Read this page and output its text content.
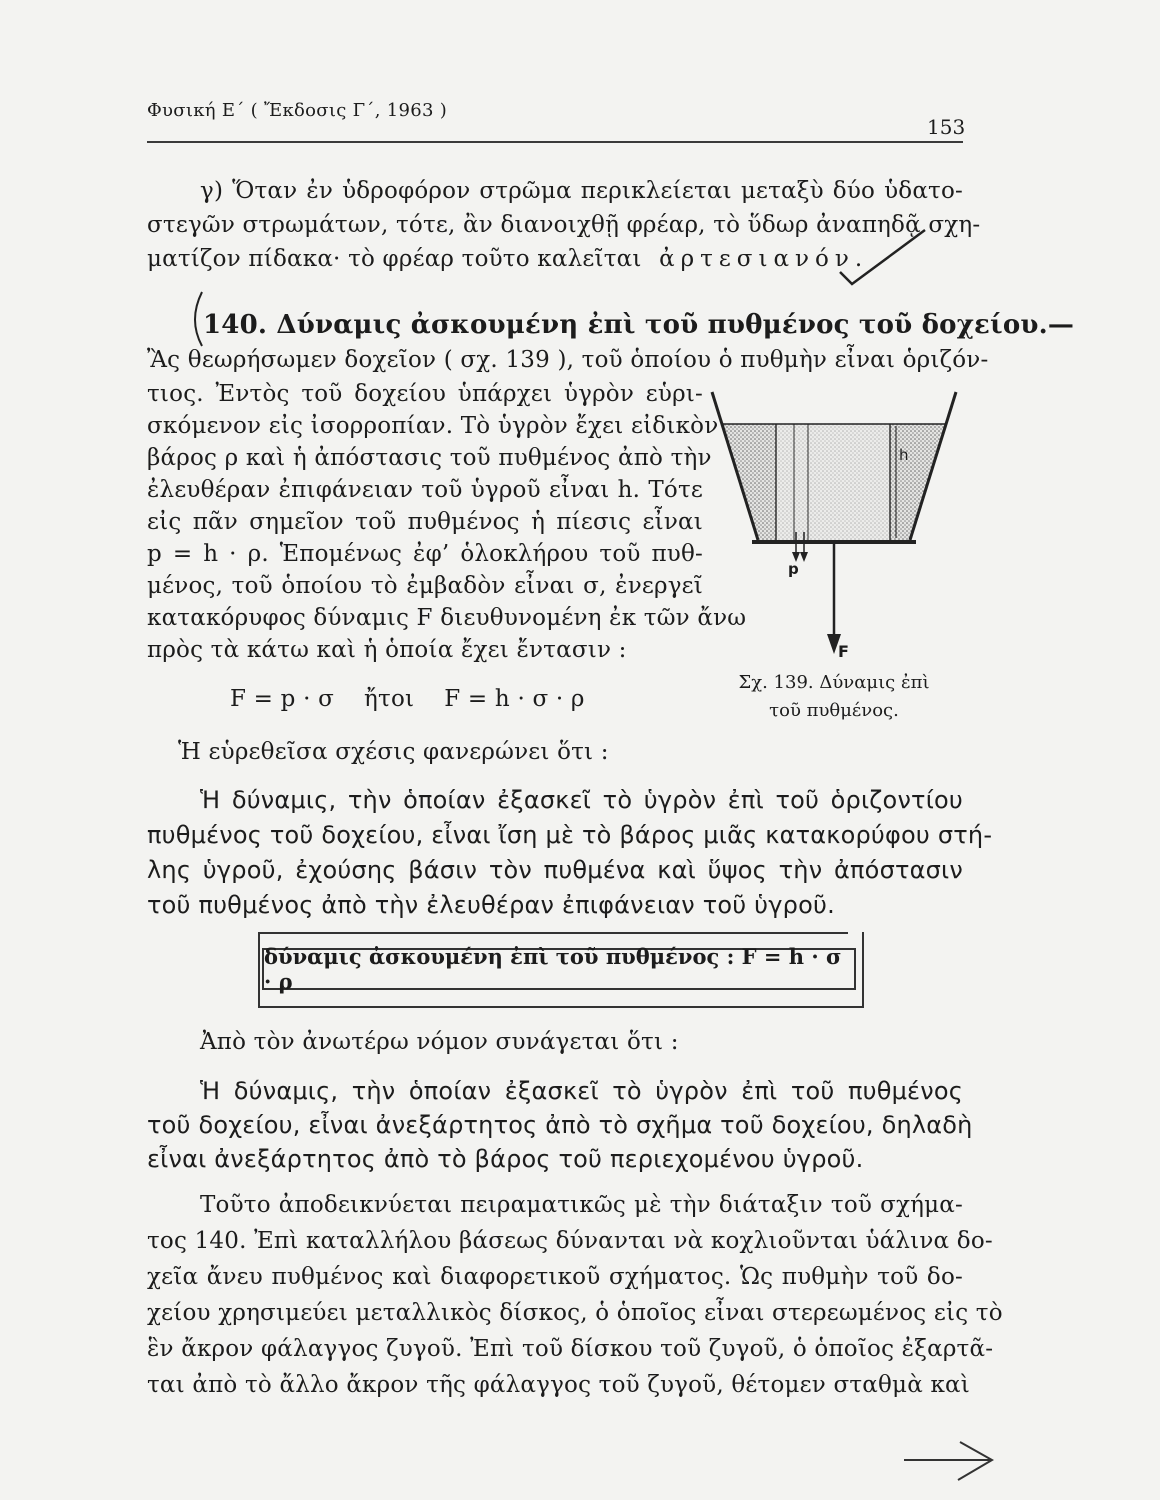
Φυσική Ε΄ ( Ἔκδοσις Γ΄, 1963 )
153
γ) Ὅταν ἐν ὑδροφόρον στρῶμα περικλείεται μεταξὺ δύο ὑδατο-
στεγῶν στρωμάτων, τότε, ἂν διανοιχθῇ φρέαρ, τὸ ὕδωρ ἀναπηδᾷ σχη-
ματίζον πίδακα· τὸ φρέαρ τοῦτο καλεῖται ἀρτεσιανόν.
140. Δύναμις ἀσκουμένη ἐπὶ τοῦ πυθμένος τοῦ δοχείου.—
Ἂς θεωρήσωμεν δοχεῖον ( σχ. 139 ), τοῦ ὁποίου ὁ πυθμὴν εἶναι ὁριζόν-
τιος. Ἐντὸς τοῦ δοχείου ὑπάρχει ὑγρὸν εὑρι-
σκόμενον εἰς ἰσορροπίαν. Τὸ ὑγρὸν ἔχει εἰδικὸν
βάρος ρ καὶ ἡ ἀπόστασις τοῦ πυθμένος ἀπὸ τὴν
ἐλευθέραν ἐπιφάνειαν τοῦ ὑγροῦ εἶναι h. Τότε
εἰς πᾶν σημεῖον τοῦ πυθμένος ἡ πίεσις εἶναι
p = h · ρ. Ἑπομένως ἐφ’ ὁλοκλήρου τοῦ πυθ-
μένος, τοῦ ὁποίου τὸ ἐμβαδὸν εἶναι σ, ἐνεργεῖ
κατακόρυφος δύναμις F διευθυνομένη ἐκ τῶν ἄνω
πρὸς τὰ κάτω καὶ ἡ ὁποία ἔχει ἔντασιν :
F = p · σ    ἤτοι    F = h · σ · ρ
h
p
F
Σχ. 139. Δύναμις ἐπὶ
τοῦ πυθμένος.
Ἡ εὑρεθεῖσα σχέσις φανερώνει ὅτι :
Ἡ δύναμις, τὴν ὁποίαν ἐξασκεῖ τὸ ὑγρὸν ἐπὶ τοῦ ὁριζοντίου
πυθμένος τοῦ δοχείου, εἶναι ἴση μὲ τὸ βάρος μιᾶς κατακορύφου στή-
λης ὑγροῦ, ἐχούσης βάσιν τὸν πυθμένα καὶ ὕψος τὴν ἀπόστασιν
τοῦ πυθμένος ἀπὸ τὴν ἐλευθέραν ἐπιφάνειαν τοῦ ὑγροῦ.
δύναμις ἀσκουμένη ἐπὶ τοῦ πυθμένος : F = h · σ · ρ
Ἀπὸ τὸν ἀνωτέρω νόμον συνάγεται ὅτι :
Ἡ δύναμις, τὴν ὁποίαν ἐξασκεῖ τὸ ὑγρὸν ἐπὶ τοῦ πυθμένος
τοῦ δοχείου, εἶναι ἀνεξάρτητος ἀπὸ τὸ σχῆμα τοῦ δοχείου, δηλαδὴ
εἶναι ἀνεξάρτητος ἀπὸ τὸ βάρος τοῦ περιεχομένου ὑγροῦ.
Τοῦτο ἀποδεικνύεται πειραματικῶς μὲ τὴν διάταξιν τοῦ σχήμα-
τος 140. Ἐπὶ καταλλήλου βάσεως δύνανται νὰ κοχλιοῦνται ὑάλινα δο-
χεῖα ἄνευ πυθμένος καὶ διαφορετικοῦ σχήματος. Ὡς πυθμὴν τοῦ δο-
χείου χρησιμεύει μεταλλικὸς δίσκος, ὁ ὁποῖος εἶναι στερεωμένος εἰς τὸ
ἓν ἄκρον φάλαγγος ζυγοῦ. Ἐπὶ τοῦ δίσκου τοῦ ζυγοῦ, ὁ ὁποῖος ἐξαρτᾶ-
ται ἀπὸ τὸ ἄλλο ἄκρον τῆς φάλαγγος τοῦ ζυγοῦ, θέτομεν σταθμὰ καὶ
